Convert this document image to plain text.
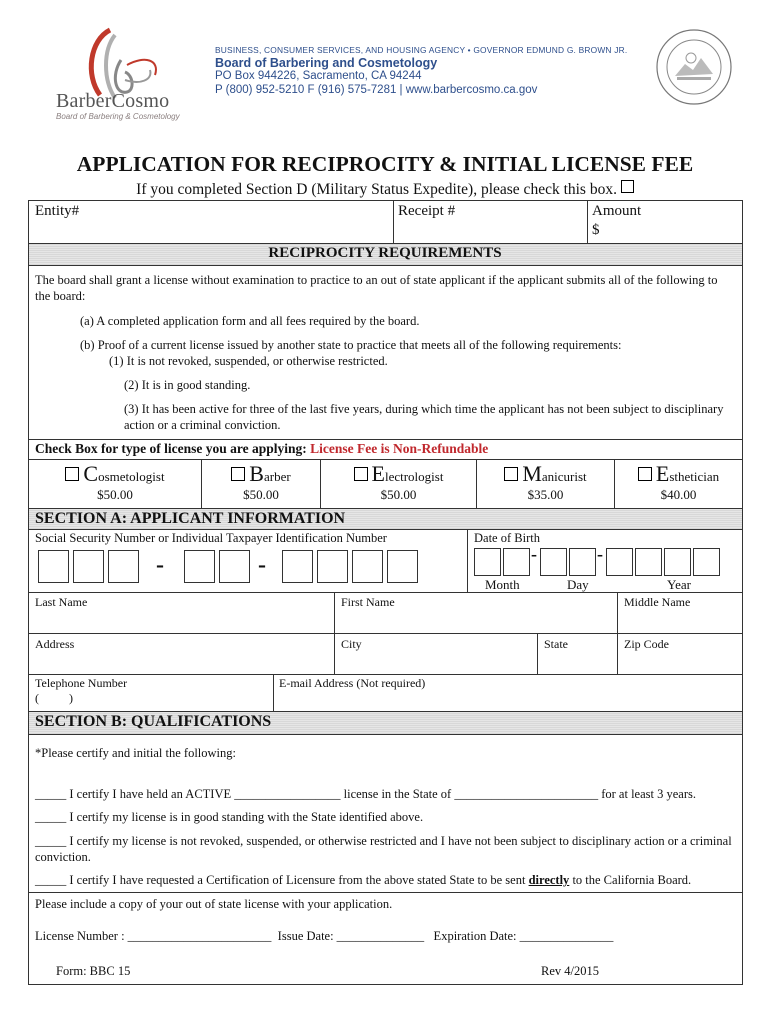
BarberCosmo
Board of Barbering & Cosmetology
BUSINESS, CONSUMER SERVICES, AND HOUSING AGENCY • GOVERNOR EDMUND G. BROWN JR.
Board of Barbering and Cosmetology
PO Box 944226, Sacramento, CA 94244
P (800) 952-5210 F (916) 575-7281 | www.barbercosmo.ca.gov
APPLICATION FOR RECIPROCITY & INITIAL LICENSE FEE
If you completed Section D (Military Status Expedite), please check this box.
Entity#	Receipt #	Amount
$
RECIPROCITY REQUIREMENTS
The board shall grant a license without examination to practice to an out of state applicant if the applicant submits all of the following to the board:
(a) A completed application form and all fees required by the board.
(b) Proof of a current license issued by another state to practice that meets all of the following requirements:
(1) It is not revoked, suspended, or otherwise restricted.
(2) It is in good standing.
(3) It has been active for three of the last five years, during which time the applicant has not been subject to disciplinary action or a criminal conviction.
Check Box for type of license you are applying: License Fee is Non-Refundable
Cosmetologist
$50.00
Barber
$50.00
Electrologist
$50.00
Manicurist
$35.00
Esthetician
$40.00
SECTION A: APPLICANT INFORMATION
Social Security Number or Individual Taxpayer Identification Number	Date of Birth
-	-	-	-
Month	Day	Year
Last Name	First Name	Middle Name
Address	City	State	Zip Code
Telephone Number
(          )
E-mail Address (Not required)
SECTION B: QUALIFICATIONS
*Please certify and initial the following:
_____ I certify I have held an ACTIVE _________________ license in the State of _______________________ for at least 3 years.
_____ I certify my license is in good standing with the State identified above.
_____ I certify my license is not revoked, suspended, or otherwise restricted and I have not been subject to disciplinary action or a criminal conviction.
_____ I certify I have requested a Certification of Licensure from the above stated State to be sent directly to the California Board.
Please include a copy of your out of state license with your application.
License Number : _______________________  Issue Date: ______________   Expiration Date: _______________
Form: BBC 15	Rev 4/2015
